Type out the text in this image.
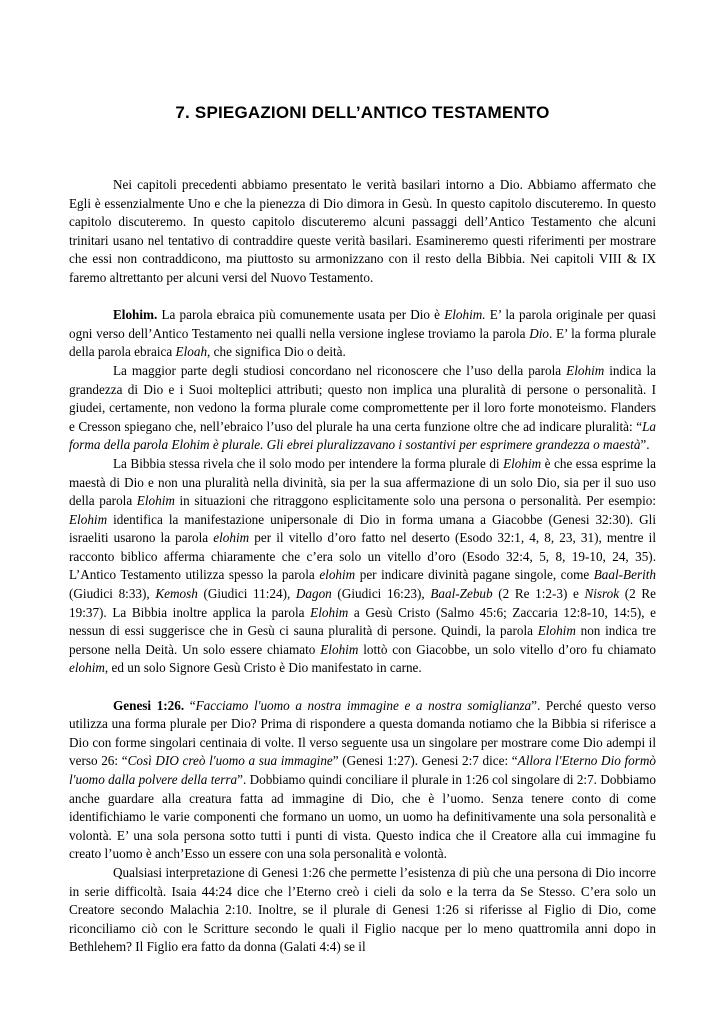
7. SPIEGAZIONI DELL’ANTICO TESTAMENTO

Nei capitoli precedenti abbiamo presentato le verità basilari intorno a Dio. Abbiamo affermato che Egli è essenzialmente Uno e che la pienezza di Dio dimora in Gesù. In questo capitolo discuteremo. In questo capitolo discuteremo. In questo capitolo discuteremo alcuni passaggi dell’Antico Testamento che alcuni trinitari usano nel tentativo di contraddire queste verità basilari. Esamineremo questi riferimenti per mostrare che essi non contraddicono, ma piuttosto su armonizzano con il resto della Bibbia. Nei capitoli VIII & IX faremo altrettanto per alcuni versi del Nuovo Testamento.

Elohim. La parola ebraica più comunemente usata per Dio è Elohim. E’ la parola originale per quasi ogni verso dell’Antico Testamento nei qualli nella versione inglese troviamo la parola Dio. E’ la forma plurale della parola ebraica Eloah, che significa Dio o deità.

La maggior parte degli studiosi concordano nel riconoscere che l’uso della parola Elohim indica la grandezza di Dio e i Suoi molteplici attributi; questo non implica una pluralità di persone o personalità. I giudei, certamente, non vedono la forma plurale come compromettente per il loro forte monoteismo. Flanders e Cresson spiegano che, nell’ebraico l’uso del plurale ha una certa funzione oltre che ad indicare pluralità: “La forma della parola Elohim è plurale. Gli ebrei pluralizzavano i sostantivi per esprimere grandezza o maestà”.

La Bibbia stessa rivela che il solo modo per intendere la forma plurale di Elohim è che essa esprime la maestà di Dio e non una pluralità nella divinità, sia per la sua affermazione di un solo Dio, sia per il suo uso della parola Elohim in situazioni che ritraggono esplicitamente solo una persona o personalità. Per esempio: Elohim identifica la manifestazione unipersonale di Dio in forma umana a Giacobbe (Genesi 32:30). Gli israeliti usarono la parola elohim per il vitello d’oro fatto nel deserto (Esodo 32:1, 4, 8, 23, 31), mentre il racconto biblico afferma chiaramente che c’era solo un vitello d’oro (Esodo 32:4, 5, 8, 19-10, 24, 35). L’Antico Testamento utilizza spesso la parola elohim per indicare divinità pagane singole, come Baal-Berith (Giudici 8:33), Kemosh (Giudici 11:24), Dagon (Giudici 16:23), Baal-Zebub (2 Re 1:2-3) e Nisrok (2 Re 19:37). La Bibbia inoltre applica la parola Elohim a Gesù Cristo (Salmo 45:6; Zaccaria 12:8-10, 14:5), e nessun di essi suggerisce che in Gesù ci sauna pluralità di persone. Quindi, la parola Elohim non indica tre persone nella Deità. Un solo essere chiamato Elohim lottò con Giacobbe, un solo vitello d’oro fu chiamato elohim, ed un solo Signore Gesù Cristo è Dio manifestato in carne.

Genesi 1:26. “Facciamo l'uomo a nostra immagine e a nostra somiglianza”. Perché questo verso utilizza una forma plurale per Dio? Prima di rispondere a questa domanda notiamo che la Bibbia si riferisce a Dio con forme singolari centinaia di volte. Il verso seguente usa un singolare per mostrare come Dio adempi il verso 26: “Così DIO creò l'uomo a sua immagine” (Genesi 1:27). Genesi 2:7 dice: “Allora l'Eterno Dio formò l'uomo dalla polvere della terra”. Dobbiamo quindi conciliare il plurale in 1:26 col singolare di 2:7. Dobbiamo anche guardare alla creatura fatta ad immagine di Dio, che è l’uomo. Senza tenere conto di come identifichiamo le varie componenti che formano un uomo, un uomo ha definitivamente una sola personalità e volontà. E’ una sola persona sotto tutti i punti di vista. Questo indica che il Creatore alla cui immagine fu creato l’uomo è anch’Esso un essere con una sola personalità e volontà.

Qualsiasi interpretazione di Genesi 1:26 che permette l’esistenza di più che una persona di Dio incorre in serie difficoltà. Isaia 44:24 dice che l’Eterno creò i cieli da solo e la terra da Se Stesso. C’era solo un Creatore secondo Malachia 2:10. Inoltre, se il plurale di Genesi 1:26 si riferisse al Figlio di Dio, come riconciliamo ciò con le Scritture secondo le quali il Figlio nacque per lo meno quattromila anni dopo in Bethlehem? Il Figlio era fatto da donna (Galati 4:4) se il
